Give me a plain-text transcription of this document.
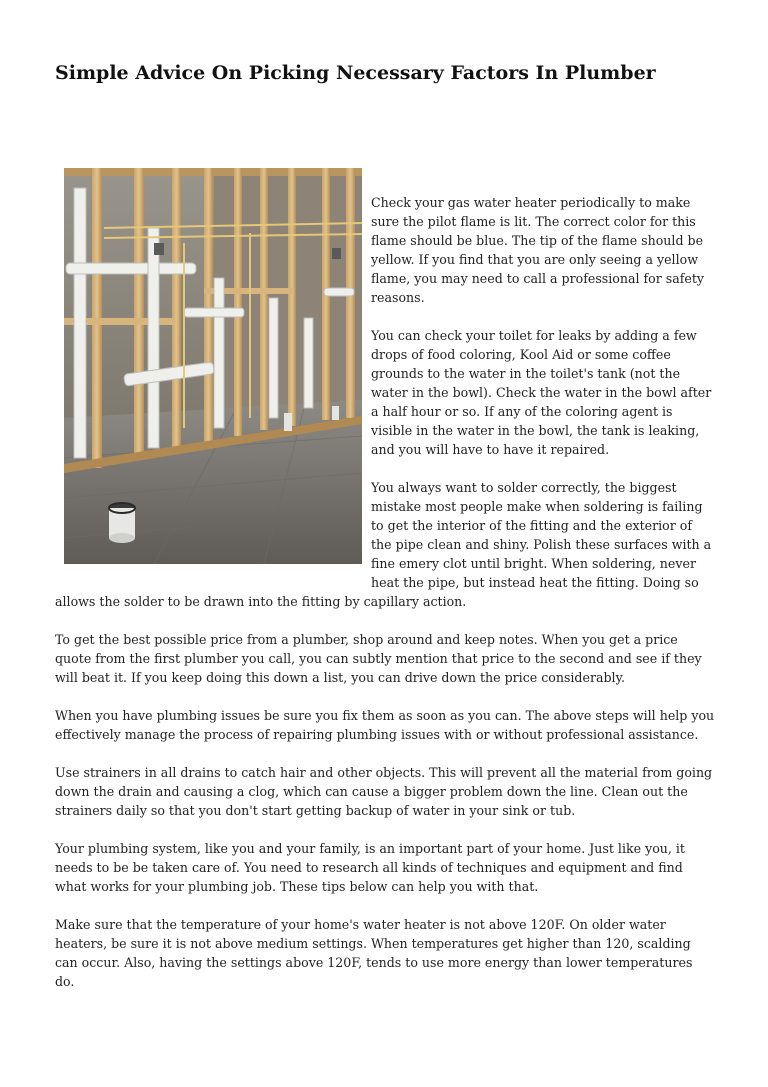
Simple Advice On Picking Necessary Factors In Plumber

Check your gas water heater periodically to make sure the pilot flame is lit. The correct color for this flame should be blue. The tip of the flame should be yellow. If you find that you are only seeing a yellow flame, you may need to call a professional for safety reasons.

You can check your toilet for leaks by adding a few drops of food coloring, Kool Aid or some coffee grounds to the water in the toilet's tank (not the water in the bowl). Check the water in the bowl after a half hour or so. If any of the coloring agent is visible in the water in the bowl, the tank is leaking, and you will have to have it repaired.

You always want to solder correctly, the biggest mistake most people make when soldering is failing to get the interior of the fitting and the exterior of the pipe clean and shiny. Polish these surfaces with a fine emery clot until bright. When soldering, never heat the pipe, but instead heat the fitting. Doing so allows the solder to be drawn into the fitting by capillary action.

To get the best possible price from a plumber, shop around and keep notes. When you get a price quote from the first plumber you call, you can subtly mention that price to the second and see if they will beat it. If you keep doing this down a list, you can drive down the price considerably.

When you have plumbing issues be sure you fix them as soon as you can. The above steps will help you effectively manage the process of repairing plumbing issues with or without professional assistance.

Use strainers in all drains to catch hair and other objects. This will prevent all the material from going down the drain and causing a clog, which can cause a bigger problem down the line. Clean out the strainers daily so that you don't start getting backup of water in your sink or tub.

Your plumbing system, like you and your family, is an important part of your home. Just like you, it needs to be be taken care of. You need to research all kinds of techniques and equipment and find what works for your plumbing job. These tips below can help you with that.

Make sure that the temperature of your home's water heater is not above 120F. On older water heaters, be sure it is not above medium settings. When temperatures get higher than 120, scalding can occur. Also, having the settings above 120F, tends to use more energy than lower temperatures do.
